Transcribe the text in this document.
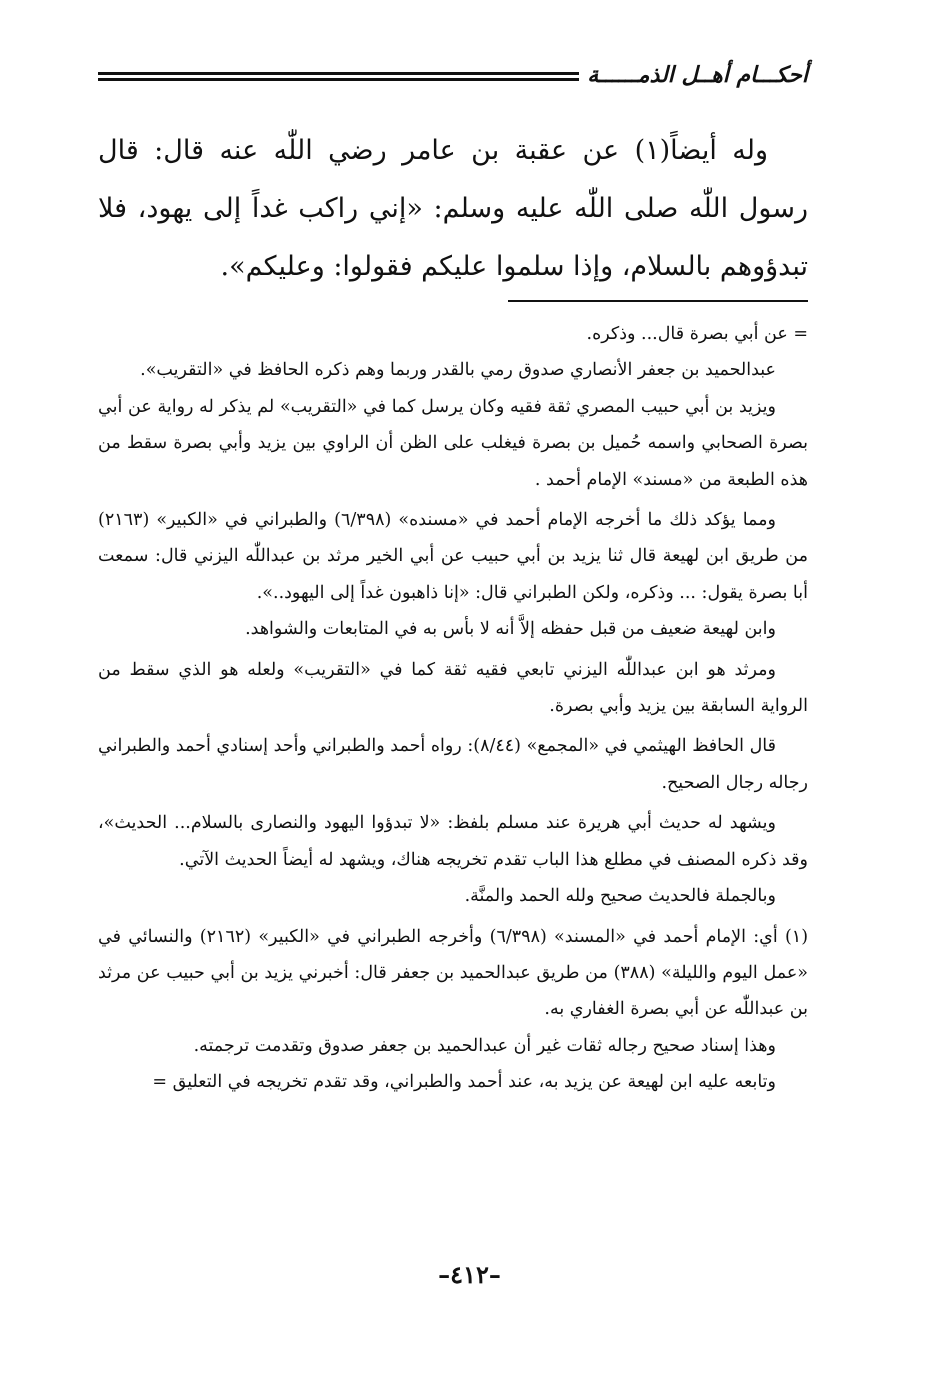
أحكـــام أهــل الذمــــــة

وله أيضاً(١) عن عقبة بن عامر رضي اللّٰه عنه قال: قال رسول اللّٰه صلى اللّٰه عليه وسلم: «إني راكب غداً إلى يهود، فلا تبدؤوهم بالسلام، وإذا سلموا عليكم فقولوا: وعليكم».

= عن أبي بصرة قال... وذكره.

عبدالحميد بن جعفر الأنصاري صدوق رمي بالقدر وربما وهم ذكره الحافظ في «التقريب».

ويزيد بن أبي حبيب المصري ثقة فقيه وكان يرسل كما في «التقريب» لم يذكر له رواية عن أبي بصرة الصحابي واسمه حُميل بن بصرة فيغلب على الظن أن الراوي بين يزيد وأبي بصرة سقط من هذه الطبعة من «مسند» الإمام أحمد .

ومما يؤكد ذلك ما أخرجه الإمام أحمد في «مسنده» (٦/٣٩٨) والطبراني في «الكبير» (٢١٦٣) من طريق ابن لهيعة قال ثنا يزيد بن أبي حبيب عن أبي الخير مرثد بن عبداللّٰه اليزني قال: سمعت أبا بصرة يقول: ... وذكره، ولكن الطبراني قال: «إنا ذاهبون غداً إلى اليهود..».

وابن لهيعة ضعيف من قبل حفظه إلاَّ أنه لا بأس به في المتابعات والشواهد.

ومرثد هو ابن عبداللّٰه اليزني تابعي فقيه ثقة كما في «التقريب» ولعله هو الذي سقط من الرواية السابقة بين يزيد وأبي بصرة.

قال الحافظ الهيثمي في «المجمع» (٨/٤٤): رواه أحمد والطبراني وأحد إسنادي أحمد والطبراني رجاله رجال الصحيح.

ويشهد له حديث أبي هريرة عند مسلم بلفظ: «لا تبدؤوا اليهود والنصارى بالسلام... الحديث»، وقد ذكره المصنف في مطلع هذا الباب تقدم تخريجه هناك، ويشهد له أيضاً الحديث الآتي.

وبالجملة فالحديث صحيح ولله الحمد والمنَّة.

(١) أي: الإمام أحمد في «المسند» (٦/٣٩٨) وأخرجه الطبراني في «الكبير» (٢١٦٢) والنسائي في «عمل اليوم والليلة» (٣٨٨) من طريق عبدالحميد بن جعفر قال: أخبرني يزيد بن أبي حبيب عن مرثد بن عبداللّٰه عن أبي بصرة الغفاري به.

وهذا إسناد صحيح رجاله ثقات غير أن عبدالحميد بن جعفر صدوق وتقدمت ترجمته.

وتابعه عليه ابن لهيعة عن يزيد به، عند أحمد والطبراني، وقد تقدم تخريجه في التعليق =

–٤١٢–
